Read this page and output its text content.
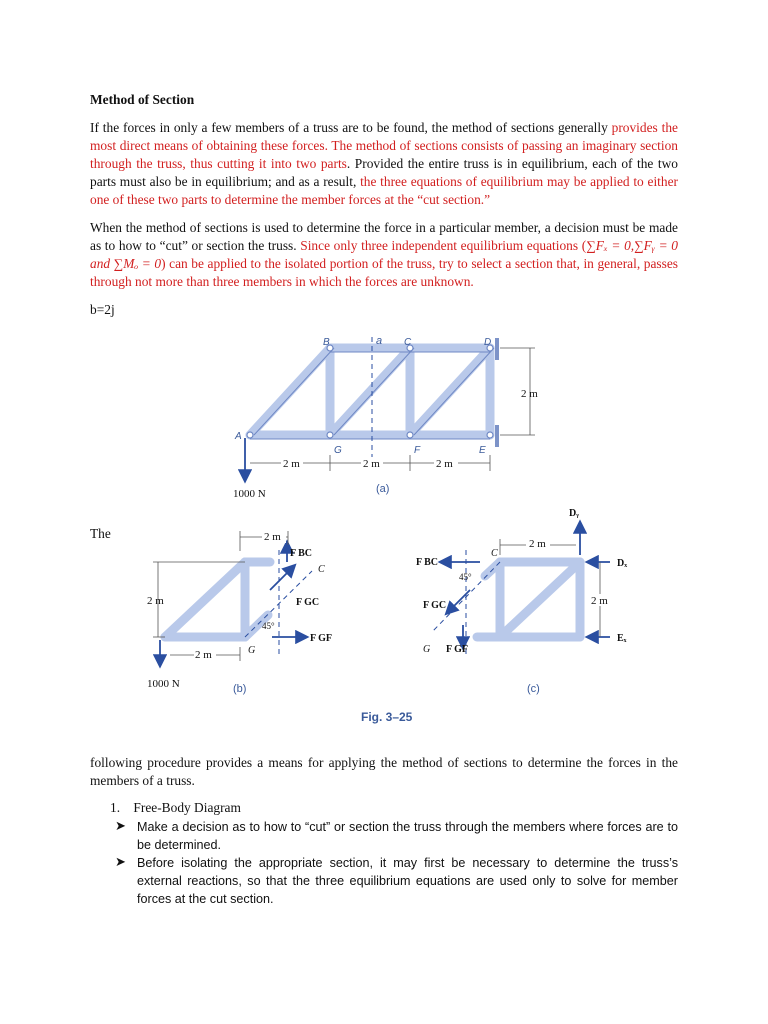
Method of Section

If the forces in only a few members of a truss are to be found, the method of sections generally provides the most direct means of obtaining these forces. The method of sections consists of passing an imaginary section through the truss, thus cutting it into two parts. Provided the entire truss is in equilibrium, each of the two parts must also be in equilibrium; and as a result, the three equations of equilibrium may be applied to either one of these two parts to determine the member forces at the “cut section.”

When the method of sections is used to determine the force in a particular member, a decision must be made as to how to “cut” or section the truss. Since only three independent equilibrium equations (∑Fₓ = 0,∑Fᵧ = 0 and ∑Mₒ = 0) can be applied to the isolated portion of the truss, try to select a section that, in general, passes through not more than three members in which the forces are unknown.

b=2j
The
a
A
B	C	D
E
F
G
2 m
2 m	2 m	2 m
1000 N	(a)
F BC
F GC
F GF
C
G
45°
2 m
2 m
2 m
1000 N	(b)
F BC
F GC
F GF
C
G
45°
Dᵧ
Dₓ
Eₓ
2 m
2 m
(c)
Fig. 3–25

following procedure provides a means for applying the method of sections to determine the forces in the members of a truss.

1. Free-Body Diagram
➤ Make a decision as to how to “cut” or section the truss through the members where forces are to be determined.
➤ Before isolating the appropriate section, it may first be necessary to determine the truss’s external reactions, so that the three equilibrium equations are used only to solve for member forces at the cut section.
